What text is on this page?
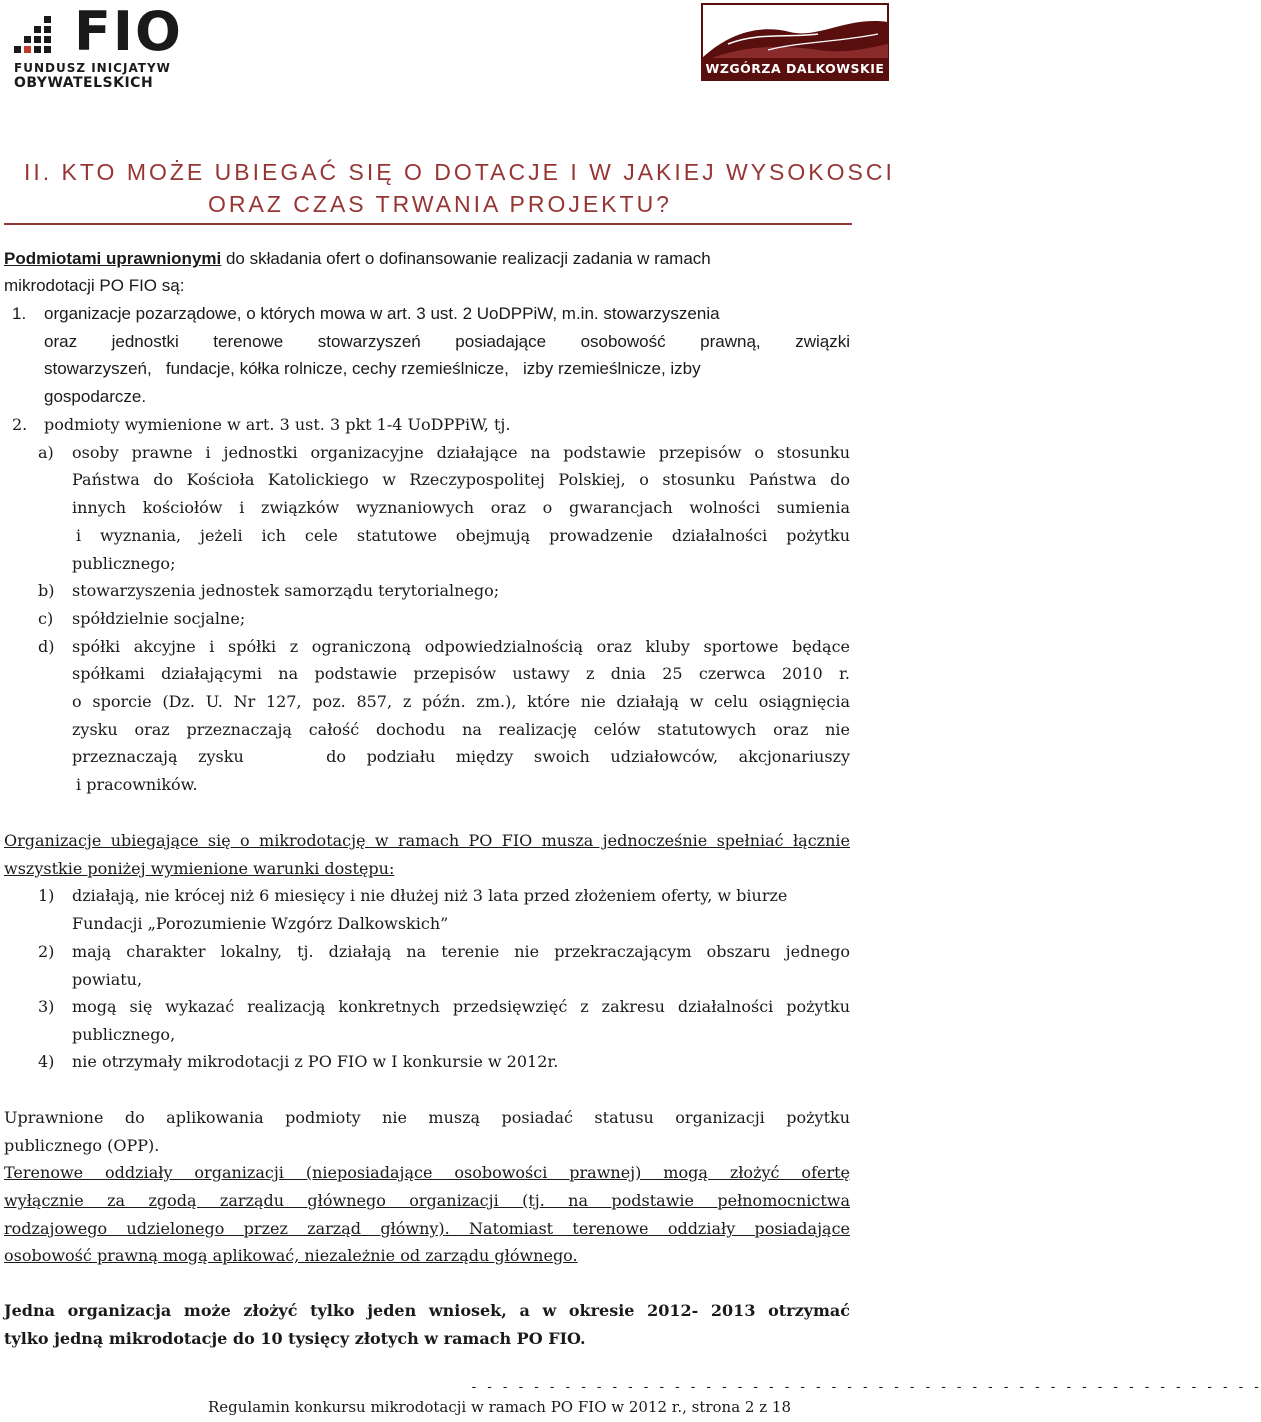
FIO
FUNDUSZ INICJATYW
OBYWATELSKICH
WZGÓRZA DALKOWSKIE
II. KTO MOŻE UBIEGAĆ SIĘ O DOTACJE I W JAKIEJ WYSOKOSCI
ORAZ CZAS TRWANIA PROJEKTU?
Podmiotami uprawnionymi do składania ofert o dofinansowanie realizacji zadania w ramach
mikrodotacji PO FIO są:
1. organizacje pozarządowe, o których mowa w art. 3 ust. 2 UoDPPiW, m.in. stowarzyszenia
oraz jednostki terenowe stowarzyszeń posiadające osobowość prawną, związki
stowarzyszeń,   fundacje, kółka rolnicze, cechy rzemieślnicze,   izby rzemieślnicze, izby
gospodarcze.
2. podmioty wymienione w art. 3 ust. 3 pkt 1-4 UoDPPiW, tj.
a) osoby prawne i jednostki organizacyjne działające na podstawie przepisów o stosunku
Państwa do Kościoła Katolickiego w Rzeczypospolitej Polskiej, o stosunku Państwa do
innych kościołów i związków wyznaniowych oraz o gwarancjach wolności sumienia
i wyznania, jeżeli ich cele statutowe obejmują prowadzenie działalności pożytku
publicznego;
b) stowarzyszenia jednostek samorządu terytorialnego;
c) spółdzielnie socjalne;
d) spółki akcyjne i spółki z ograniczoną odpowiedzialnością oraz kluby sportowe będące
spółkami działającymi na podstawie przepisów ustawy z dnia 25 czerwca 2010 r.
o sporcie (Dz. U. Nr 127, poz. 857, z późn. zm.), które nie działają w celu osiągnięcia
zysku oraz przeznaczają całość dochodu na realizację celów statutowych oraz nie
przeznaczają zysku    do podziału między swoich udziałowców, akcjonariuszy
i pracowników.
Organizacje ubiegające się o mikrodotację w ramach PO FIO musza jednocześnie spełniać łącznie
wszystkie poniżej wymienione warunki dostępu:
1) działają, nie krócej niż 6 miesięcy i nie dłużej niż 3 lata przed złożeniem oferty, w biurze
Fundacji „Porozumienie Wzgórz Dalkowskich”
2) mają charakter lokalny, tj. działają na terenie nie przekraczającym obszaru jednego
powiatu,
3) mogą się wykazać realizacją konkretnych przedsięwzięć z zakresu działalności pożytku
publicznego,
4) nie otrzymały mikrodotacji z PO FIO w I konkursie w 2012r.
Uprawnione do aplikowania podmioty nie muszą posiadać statusu organizacji pożytku
publicznego (OPP).
Terenowe oddziały organizacji (nieposiadające osobowości prawnej) mogą złożyć ofertę
wyłącznie za zgodą zarządu głównego organizacji (tj. na podstawie pełnomocnictwa
rodzajowego udzielonego przez zarząd główny). Natomiast terenowe oddziały posiadające
osobowość prawną mogą aplikować, niezależnie od zarządu głównego.
Jedna organizacja może złożyć tylko jeden wniosek, a w okresie 2012- 2013 otrzymać
tylko jedną mikrodotacje do 10 tysięcy złotych w ramach PO FIO.
- - - - - - - - - - - - - - - - - - - - - - - - - - - - - - - - - - - - - - - - - - - - - - - - - - -
Regulamin konkursu mikrodotacji w ramach PO FIO w 2012 r., strona 2 z 18
